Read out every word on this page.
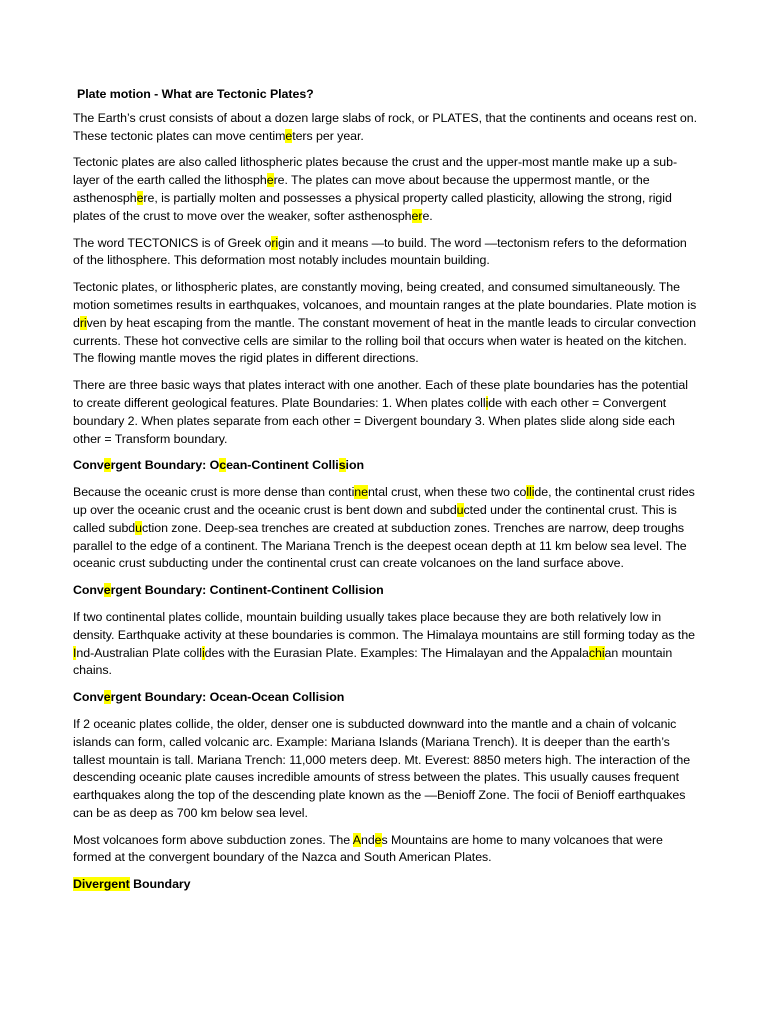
Plate motion - What are Tectonic Plates?

The Earth’s crust consists of about a dozen large slabs of rock, or PLATES, that the continents and oceans rest on. These tectonic plates can move centimeters per year.

Tectonic plates are also called lithospheric plates because the crust and the upper-most mantle make up a sub-layer of the earth called the lithosphere. The plates can move about because the uppermost mantle, or the asthenosphere, is partially molten and possesses a physical property called plasticity, allowing the strong, rigid plates of the crust to move over the weaker, softer asthenosphere.

The word TECTONICS is of Greek origin and it means ―to build. The word ―tectonism refers to the deformation of the lithosphere. This deformation most notably includes mountain building.

Tectonic plates, or lithospheric plates, are constantly moving, being created, and consumed simultaneously. The motion sometimes results in earthquakes, volcanoes, and mountain ranges at the plate boundaries. Plate motion is driven by heat escaping from the mantle. The constant movement of heat in the mantle leads to circular convection currents. These hot convective cells are similar to the rolling boil that occurs when water is heated on the kitchen. The flowing mantle moves the rigid plates in different directions.

There are three basic ways that plates interact with one another. Each of these plate boundaries has the potential to create different geological features. Plate Boundaries: 1. When plates collide with each other = Convergent boundary 2. When plates separate from each other = Divergent boundary 3. When plates slide along side each other = Transform boundary.

Convergent Boundary: Ocean-Continent Collision

Because the oceanic crust is more dense than continental crust, when these two collide, the continental crust rides up over the oceanic crust and the oceanic crust is bent down and subducted under the continental crust. This is called subduction zone. Deep-sea trenches are created at subduction zones. Trenches are narrow, deep troughs parallel to the edge of a continent. The Mariana Trench is the deepest ocean depth at 11 km below sea level. The oceanic crust subducting under the continental crust can create volcanoes on the land surface above.

Convergent Boundary: Continent-Continent Collision

If two continental plates collide, mountain building usually takes place because they are both relatively low in density. Earthquake activity at these boundaries is common. The Himalaya mountains are still forming today as the Ind-Australian Plate collides with the Eurasian Plate. Examples: The Himalayan and the Appalachian mountain chains.

Convergent Boundary: Ocean-Ocean Collision

If 2 oceanic plates collide, the older, denser one is subducted downward into the mantle and a chain of volcanic islands can form, called volcanic arc. Example: Mariana Islands (Mariana Trench). It is deeper than the earth’s tallest mountain is tall. Mariana Trench: 11,000 meters deep. Mt. Everest: 8850 meters high. The interaction of the descending oceanic plate causes incredible amounts of stress between the plates. This usually causes frequent earthquakes along the top of the descending plate known as the ―Benioff Zone. The focii of Benioff earthquakes can be as deep as 700 km below sea level.

Most volcanoes form above subduction zones. The Andes Mountains are home to many volcanoes that were formed at the convergent boundary of the Nazca and South American Plates.

Divergent Boundary
